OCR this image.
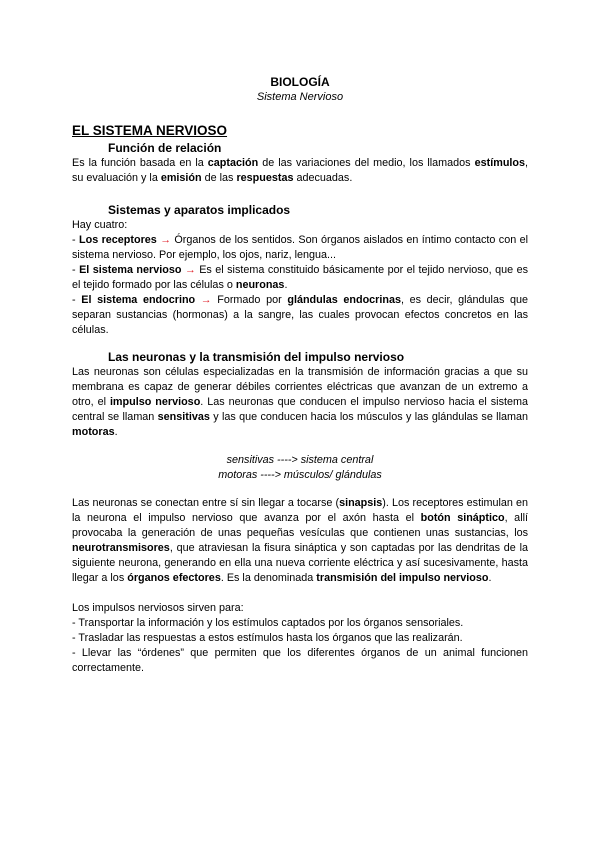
BIOLOGÍA
Sistema Nervioso
EL SISTEMA NERVIOSO
Función de relación
Es la función basada en la captación de las variaciones del medio, los llamados estímulos, su evaluación y la emisión de las respuestas adecuadas.
Sistemas y aparatos implicados
Hay cuatro:
- Los receptores → Órganos de los sentidos. Son órganos aislados en íntimo contacto con el sistema nervioso. Por ejemplo, los ojos, nariz, lengua...
- El sistema nervioso → Es el sistema constituido básicamente por el tejido nervioso, que es el tejido formado por las células o neuronas.
- El sistema endocrino → Formado por glándulas endocrinas, es decir, glándulas que separan sustancias (hormonas) a la sangre, las cuales provocan efectos concretos en las células.
Las neuronas y la transmisión del impulso nervioso
Las neuronas son células especializadas en la transmisión de información gracias a que su membrana es capaz de generar débiles corrientes eléctricas que avanzan de un extremo a otro, el impulso nervioso. Las neuronas que conducen el impulso nervioso hacia el sistema central se llaman sensitivas y las que conducen hacia los músculos y las glándulas se llaman motoras.
sensitivas ----> sistema central
motoras ----> músculos/ glándulas
Las neuronas se conectan entre sí sin llegar a tocarse (sinapsis). Los receptores estimulan en la neurona el impulso nervioso que avanza por el axón hasta el botón sináptico, allí provocaba la generación de unas pequeñas vesículas que contienen unas sustancias, los neurotransmisores, que atraviesan la fisura sináptica y son captadas por las dendritas de la siguiente neurona, generando en ella una nueva corriente eléctrica y así sucesivamente, hasta llegar a los órganos efectores. Es la denominada transmisión del impulso nervioso.
Los impulsos nerviosos sirven para:
- Transportar la información y los estímulos captados por los órganos sensoriales.
- Trasladar las respuestas a estos estímulos hasta los órganos que las realizarán.
- Llevar las “órdenes” que permiten que los diferentes órganos de un animal funcionen correctamente.
